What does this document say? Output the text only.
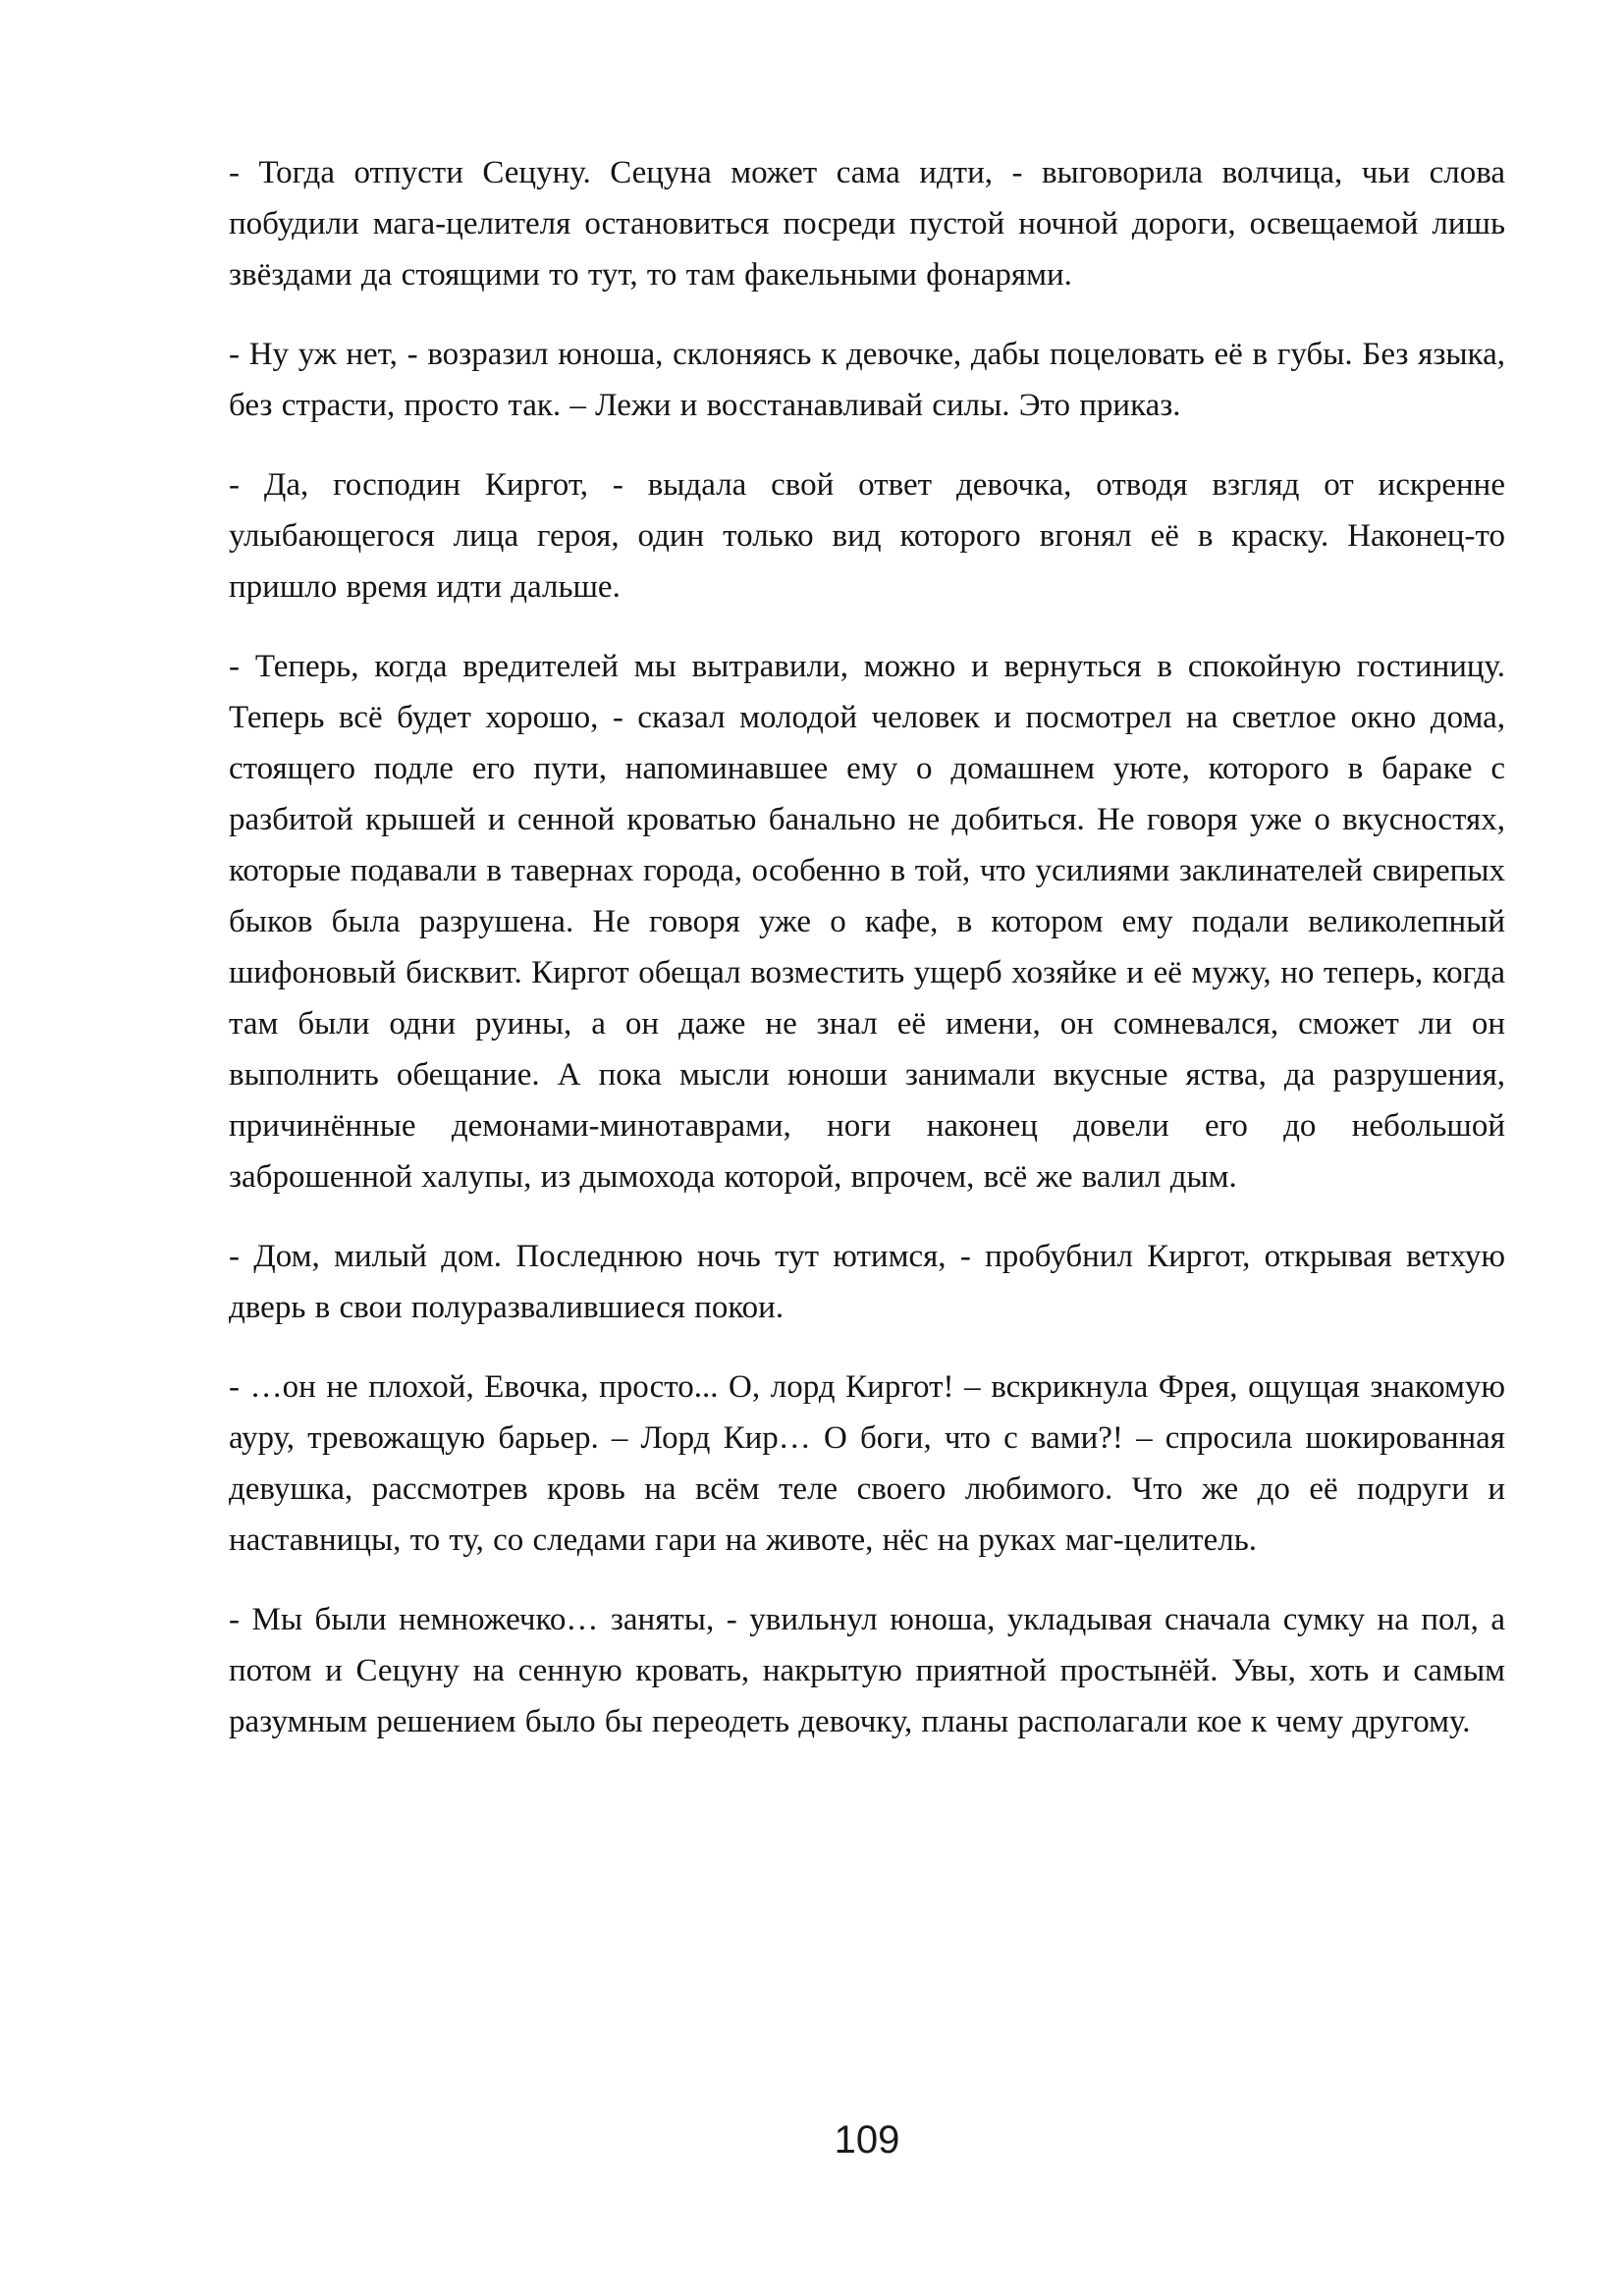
- Тогда отпусти Сецуну. Сецуна может сама идти, - выговорила волчица, чьи слова побудили мага-целителя остановиться посреди пустой ночной дороги, освещаемой лишь звёздами да стоящими то тут, то там факельными фонарями.

- Ну уж нет, - возразил юноша, склоняясь к девочке, дабы поцеловать её в губы. Без языка, без страсти, просто так. – Лежи и восстанавливай силы. Это приказ.

- Да, господин Киргот, - выдала свой ответ девочка, отводя взгляд от искренне улыбающегося лица героя, один только вид которого вгонял её в краску. Наконец-то пришло время идти дальше.

- Теперь, когда вредителей мы вытравили, можно и вернуться в спокойную гостиницу. Теперь всё будет хорошо, - сказал молодой человек и посмотрел на светлое окно дома, стоящего подле его пути, напоминавшее ему о домашнем уюте, которого в бараке с разбитой крышей и сенной кроватью банально не добиться. Не говоря уже о вкусностях, которые подавали в тавернах города, особенно в той, что усилиями заклинателей свирепых быков была разрушена. Не говоря уже о кафе, в котором ему подали великолепный шифоновый бисквит. Киргот обещал возместить ущерб хозяйке и её мужу, но теперь, когда там были одни руины, а он даже не знал её имени, он сомневался, сможет ли он выполнить обещание. А пока мысли юноши занимали вкусные яства, да разрушения, причинённые демонами-минотаврами, ноги наконец довели его до небольшой заброшенной халупы, из дымохода которой, впрочем, всё же валил дым.

- Дом, милый дом. Последнюю ночь тут ютимся, - пробубнил Киргот, открывая ветхую дверь в свои полуразвалившиеся покои.

- …он не плохой, Евочка, просто... О, лорд Киргот! – вскрикнула Фрея, ощущая знакомую ауру, тревожащую барьер. – Лорд Кир… О боги, что с вами?! – спросила шокированная девушка, рассмотрев кровь на всём теле своего любимого. Что же до её подруги и наставницы, то ту, со следами гари на животе, нёс на руках маг-целитель.

- Мы были немножечко… заняты, - увильнул юноша, укладывая сначала сумку на пол, а потом и Сецуну на сенную кровать, накрытую приятной простынёй. Увы, хоть и самым разумным решением было бы переодеть девочку, планы располагали кое к чему другому.

109
